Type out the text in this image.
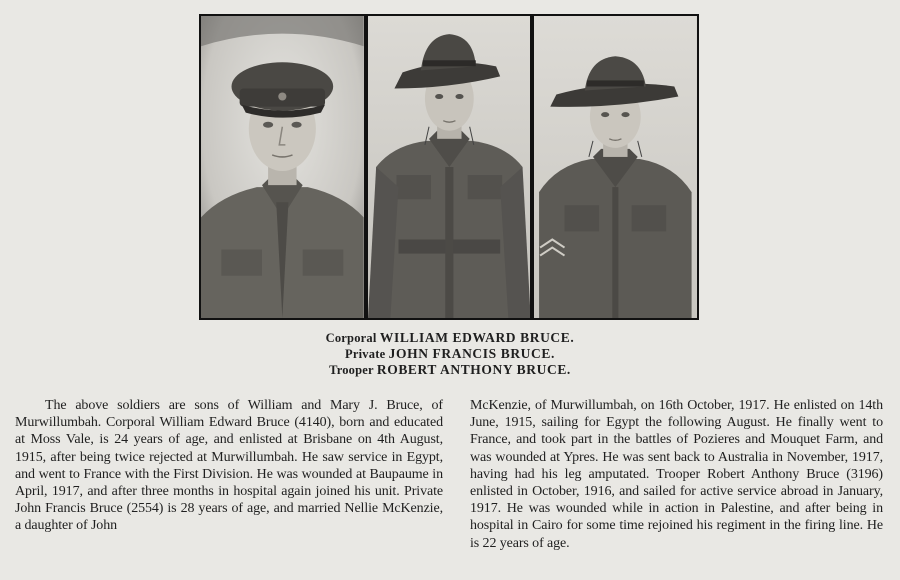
Corporal WILLIAM EDWARD BRUCE.
Private JOHN FRANCIS BRUCE.
Trooper ROBERT ANTHONY BRUCE.

The above soldiers are sons of William and Mary J. Bruce, of Murwillumbah. Corporal William Edward Bruce (4140), born and educated at Moss Vale, is 24 years of age, and enlisted at Brisbane on 4th August, 1915, after being twice rejected at Murwillumbah. He saw service in Egypt, and went to France with the First Division. He was wounded at Baupaume in April, 1917, and after three months in hospital again joined his unit. Private John Francis Bruce (2554) is 28 years of age, and married Nellie McKenzie, a daughter of John

McKenzie, of Murwillumbah, on 16th October, 1917. He enlisted on 14th June, 1915, sailing for Egypt the following August. He finally went to France, and took part in the battles of Pozieres and Mouquet Farm, and was wounded at Ypres. He was sent back to Australia in November, 1917, having had his leg amputated. Trooper Robert Anthony Bruce (3196) enlisted in October, 1916, and sailed for active service abroad in January, 1917. He was wounded while in action in Palestine, and after being in hospital in Cairo for some time rejoined his regiment in the firing line. He is 22 years of age.
